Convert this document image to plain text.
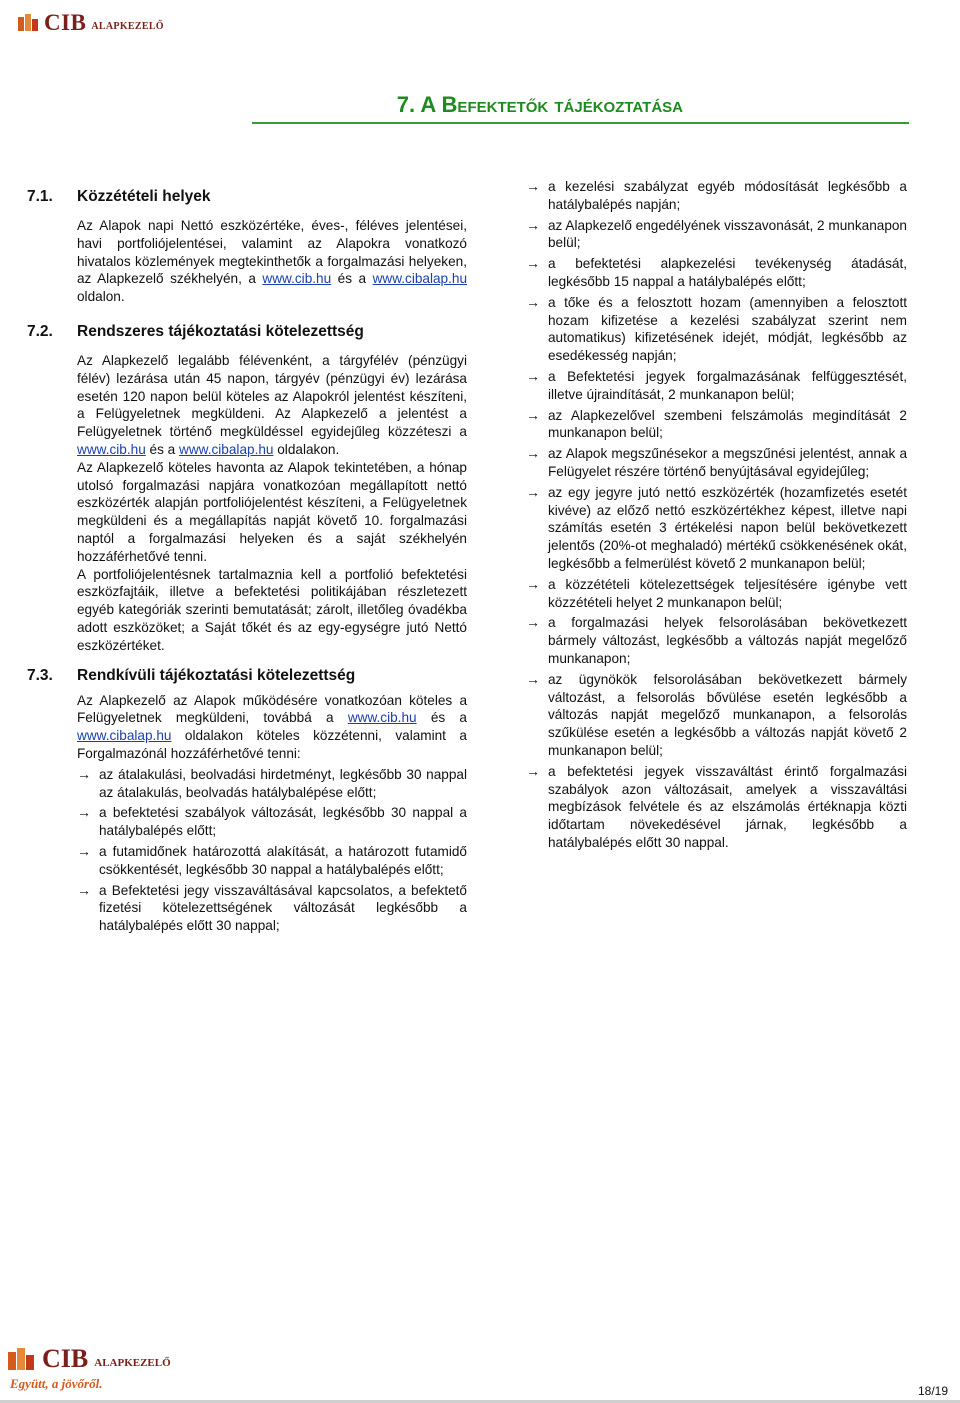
CIB ALAPKEZELŐ
7. A Befektetők tájékoztatása
7.1.	Közzétételi helyek

Az Alapok napi Nettó eszközértéke, éves-, féléves jelentései, havi portfoliójelentései, valamint az Alapokra vonatkozó hivatalos közlemények megtekinthetők a forgalmazási helyeken, az Alapkezelő székhelyén, a www.cib.hu és a www.cibalap.hu oldalon.

7.2.	Rendszeres tájékoztatási kötelezettség

Az Alapkezelő legalább félévenként, a tárgyfélév (pénzügyi félév) lezárása után 45 napon, tárgyév (pénzügyi év) lezárása esetén 120 napon belül köteles az Alapokról jelentést készíteni, a Felügyeletnek megküldeni. Az Alapkezelő a jelentést a Felügyeletnek történő megküldéssel egyidejűleg közzéteszi a www.cib.hu és a www.cibalap.hu oldalakon.

Az Alapkezelő köteles havonta az Alapok tekintetében, a hónap utolsó forgalmazási napjára vonatkozóan megállapított nettó eszközérték alapján portfoliójelentést készíteni, a Felügyeletnek megküldeni és a megállapítás napját követő 10. forgalmazási naptól a forgalmazási helyeken és a saját székhelyén hozzáférhetővé tenni.

A portfoliójelentésnek tartalmaznia kell a portfolió befektetési eszközfajtáik, illetve a befektetési politikájában részletezett egyéb kategóriák szerinti bemutatását; zárolt, illetőleg óvadékba adott eszközöket; a Saját tőkét és az egy-egységre jutó Nettó eszközértéket.

7.3.	Rendkívüli tájékoztatási kötelezettség

Az Alapkezelő az Alapok működésére vonatkozóan köteles a Felügyeletnek megküldeni, továbbá a www.cib.hu és a www.cibalap.hu oldalakon köteles közzétenni, valamint a Forgalmazónál hozzáférhetővé tenni:

→ az átalakulási, beolvadási hirdetményt, legkésőbb 30 nappal az átalakulás, beolvadás hatálybalépése előtt;
→ a befektetési szabályok változását, legkésőbb 30 nappal a hatálybalépés előtt;
→ a futamidőnek határozottá alakítását, a határozott futamidő csökkentését, legkésőbb 30 nappal a hatálybalépés előtt;
→ a Befektetési jegy visszaváltásával kapcsolatos, a befektető fizetési kötelezettségének változását legkésőbb a hatálybalépés előtt 30 nappal;
→ a kezelési szabályzat egyéb módosítását legkésőbb a hatálybalépés napján;
→ az Alapkezelő engedélyének visszavonását, 2 munkanapon belül;
→ a befektetési alapkezelési tevékenység átadását, legkésőbb 15 nappal a hatálybalépés előtt;
→ a tőke és a felosztott hozam (amennyiben a felosztott hozam kifizetése a kezelési szabályzat szerint nem automatikus) kifizetésének idejét, módját, legkésőbb az esedékesség napján;
→ a Befektetési jegyek forgalmazásának felfüggesztését, illetve újraindítását, 2 munkanapon belül;
→ az Alapkezelővel szembeni felszámolás megindítását 2 munkanapon belül;
→ az Alapok megszűnésekor a megszűnési jelentést, annak a Felügyelet részére történő benyújtásával egyidejűleg;
→ az egy jegyre jutó nettó eszközérték (hozamfizetés esetét kivéve) az előző nettó eszközértékhez képest, illetve napi számítás esetén 3 értékelési napon belül bekövetkezett jelentős (20%-ot meghaladó) mértékű csökkenésének okát, legkésőbb a felmerülést követő 2 munkanapon belül;
→ a közzétételi kötelezettségek teljesítésére igénybe vett közzétételi helyet 2 munkanapon belül;
→ a forgalmazási helyek felsorolásában bekövetkezett bármely változást, legkésőbb a változás napját megelőző munkanapon;
→ az ügynökök felsorolásában bekövetkezett bármely változást, a felsorolás bővülése esetén legkésőbb a változás napját megelőző munkanapon, a felsorolás szűkülése esetén a legkésőbb a változás napját követő 2 munkanapon belül;
→ a befektetési jegyek visszaváltást érintő forgalmazási szabályok azon változásait, amelyek a visszaváltási megbízások felvétele és az elszámolás értéknapja közti időtartam növekedésével járnak, legkésőbb a hatálybalépés előtt 30 nappal.
CIB ALAPKEZELŐ
Együtt, a jövőről.	18/19
